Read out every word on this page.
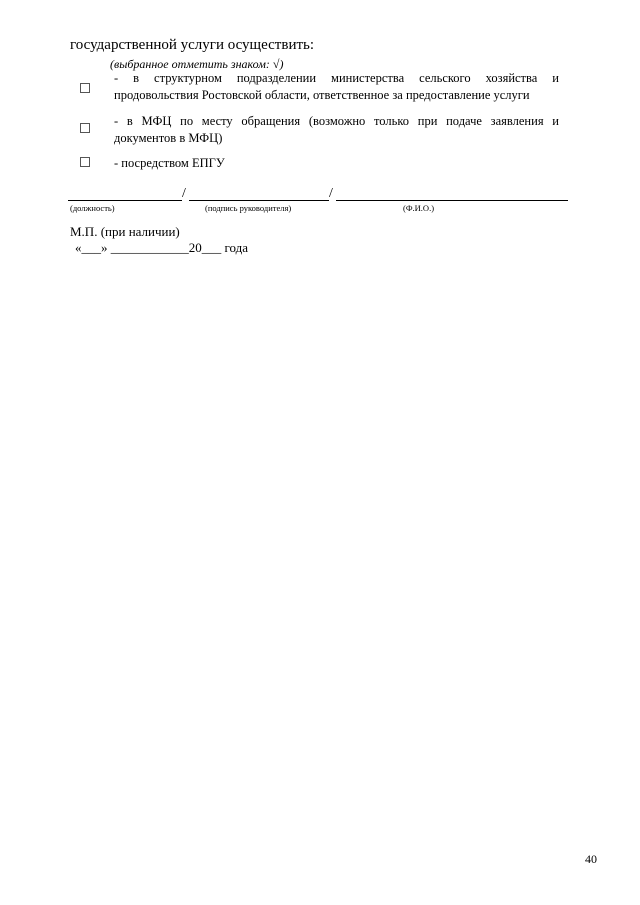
государственной услуги осуществить:
(выбранное отметить знаком: √)
- в структурном подразделении министерства сельского хозяйства и
продовольствия Ростовской области, ответственное за предоставление услуги
- в МФЦ по месту обращения (возможно только при подаче заявления и
документов в МФЦ)
- посредством ЕПГУ
/	/
(должность)	(подпись руководителя)	(Ф.И.О.)
М.П. (при наличии)
«___» ____________20___ года
40
